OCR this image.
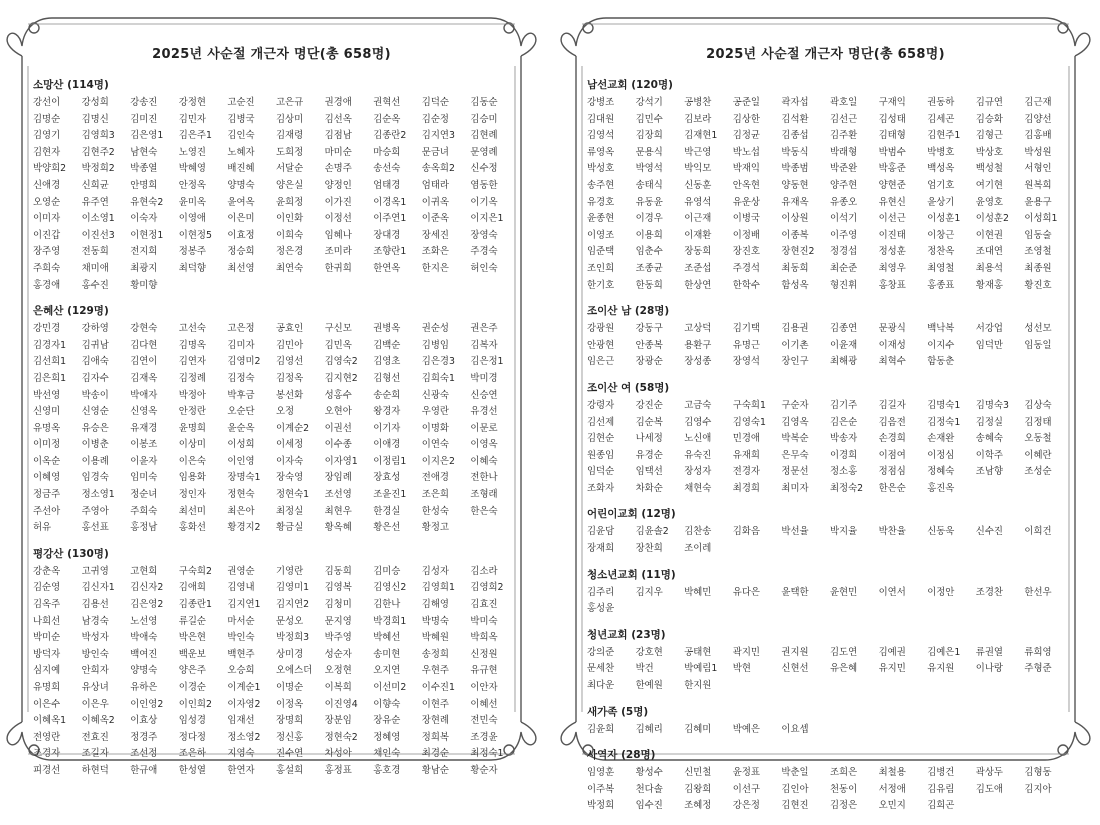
2025년 사순절 개근자 명단(총 658명)
소망산 (114명)
강선이	강성희	강송진	강정현	고순진	고은규	권경애	권혁선	김덕순	김동순
김명순	김명신	김미진	김민자	김병국	김상미	김선옥	김순옥	김순정	김승미
김영기	김영희3	김은영1	김은주1	김인숙	김재령	김점남	김종란2	김지연3	김현례
김현자	김현주2	남현숙	노영진	노혜자	도희정	마미순	마승희	문금녀	문영례
박양희2	박정희2	박종열	박혜영	배진혜	서달순	손명주	송선숙	송옥희2	신수정
신애경	신희균	안명희	안정옥	양명숙	양은실	양정인	엄태경	엄태라	염동한
오영순	유주연	유현숙2	윤미옥	윤여옥	윤희정	이가진	이경옥1	이귀옥	이기옥
이미자	이소영1	이숙자	이영애	이은미	이인화	이정선	이주연1	이준옥	이지은1
이진갑	이진선3	이현정1	이현정5	이효정	이희숙	임혜나	장대경	장세진	장영숙
장주영	전동희	전지희	정봉주	정승희	정은경	조미라	조향란1	조화은	주경숙
주희숙	채미애	최광지	최덕향	최선영	최연숙	한귀희	한연옥	한지은	허인숙
홍경애	홍수진	황미향
은혜산 (129명)
강민경	강하영	강현숙	고선숙	고은정	공효인	구신모	권병옥	권순성	권은주
김경자1	김귀남	김다현	김명옥	김미자	김민아	김민옥	김백순	김병임	김복자
김선희1	김애숙	김연이	김연자	김영미2	김영선	김영숙2	김영초	김은경3	김은정1
김은희1	김자수	김재옥	김정례	김정숙	김정옥	김지현2	김형선	김희숙1	박미경
박선영	박송이	박애자	박정아	박후금	봉선화	성홍수	송순희	신광숙	신승연
신영미	신영순	신영옥	안정란	오순단	오정	오현아	왕경자	우영란	유경선
유명옥	유승은	유재경	윤명희	윤순옥	이계순2	이권선	이기자	이명화	이문로
이미정	이병춘	이봉조	이상미	이성희	이세정	이수종	이애경	이연숙	이영옥
이옥순	이용례	이윤자	이은숙	이인영	이자숙	이자영1	이정림1	이지은2	이혜숙
이혜영	임경숙	임미숙	임용화	장명숙1	장숙영	장임례	장효성	전애경	전한나
정금주	정소영1	정순녀	정인자	정현숙	정현숙1	조선영	조윤진1	조은희	조형래
주선아	주영아	주희숙	최선미	최은아	최정실	최현우	한경실	한성숙	한은숙
허유	홍선표	홍정남	홍화선	황경지2	황금실	황옥혜	황은선	황정고
평강산 (130명)
강춘옥	고귀영	고현희	구숙희2	권영순	기영란	김동희	김미승	김성자	김소라
김순영	김신자1	김신자2	김애희	김영내	김영미1	김영복	김영신2	김영희1	김영희2
김옥주	김용선	김은영2	김종란1	김지연1	김지연2	김청미	김한나	김해영	김효진
나희선	남경숙	노선영	류길순	마서순	문성오	문지영	박경희1	박명숙	박미숙
박미순	박성자	박애숙	박은현	박인숙	박정희3	박주영	박혜선	박혜원	박희옥
방덕자	방인숙	백여진	백운보	백현주	상미경	성순자	송미현	송정희	신정원
심지예	안희자	양명숙	양은주	오승희	오에스더	오정현	오지연	우현주	유규현
유명희	유상녀	유하은	이경순	이계순1	이명순	이복희	이선미2	이수진1	이안자
이은수	이은우	이인영2	이인희2	이자영2	이정옥	이진영4	이향숙	이현주	이혜선
이혜옥1	이혜옥2	이효상	임성경	임재선	장명희	장분임	장유순	장현례	전민숙
전영란	전효진	정경주	정다정	정소영2	정신홍	정현숙2	정혜영	정희복	조경윤
조경자	조길자	조선정	조은하	지영숙	진수연	차성아	채인숙	최경순	최정숙1
피경선	하현덕	한규애	한성열	한연자	홍설희	홍정표	홍호경	황남순	황순자
2025년 사순절 개근자 명단(총 658명)
남선교회 (120명)
강병조	강석기	공병찬	공준일	곽자섭	곽호일	구재익	권동하	김규연	김근재
김대원	김민수	김보라	김상한	김석환	김선근	김성태	김세곤	김승화	김양선
김영석	김장희	김재현1	김정균	김종섭	김주환	김태형	김현주1	김형근	김홍배
류영옥	문용식	박근영	박노섭	박동식	박래형	박범수	박병호	박상호	박성원
박성호	박영석	박익모	박재익	박종범	박준완	박홍준	백성옥	백성철	서형인
송주현	송태식	신동훈	안옥현	양동현	양주현	양현준	엄기호	여기현	원복희
유경호	유동윤	유영석	유운상	유재옥	유종오	유현신	윤상기	윤영호	윤용구
윤종현	이경우	이근재	이병국	이상원	이석기	이선근	이성훈1	이성훈2	이성희1
이영조	이용희	이재환	이정배	이종복	이주영	이진태	이창근	이현권	임동술
임준택	임춘수	장동희	장진호	장현진2	정경섭	정성훈	정찬옥	조대연	조영철
조인희	조종균	조준섭	주경석	최동희	최순준	최영우	최영철	최용석	최종원
한기호	한동희	한상연	한학수	함성옥	형진휘	홍창표	홍종표	황재홍	황진호
조이산 남 (28명)
강광원	강동구	고상덕	김기택	김용권	김종연	문광식	백낙복	서강업	성선모
안광현	안종복	용환구	유명근	이기촌	이윤재	이재성	이지수	임덕만	임동일
임은근	장광순	장성종	장영석	장인구	최해광	최혁수	함동춘
조이산 여 (58명)
강령자	강진순	고금숙	구숙희1	구순자	김기주	김길자	김명숙1	김명숙3	김상숙
김선제	김순복	김영수	김영숙1	김영옥	김은순	김음전	김정숙1	김정실	김정태
김현순	나세정	노신애	민경애	박복순	박송자	손경희	손재완	송혜숙	오동철
원종임	유경순	유숙진	유재희	은무숙	이경희	이점여	이정심	이학주	이혜란
임덕순	임택선	장성자	전경자	정문선	정소홍	정점심	정혜숙	조남향	조성순
조화자	차화순	채현숙	최경희	최미자	최정숙2	한은순	홍진옥
어린이교회 (12명)
김윤담	김윤솔2	김찬송	김화음	박선율	박지율	박찬율	신동욱	신수진	이희건
장재희	장찬희	조이레
청소년교회 (11명)
김주리	김지우	박혜민	유다은	윤택한	윤현민	이연서	이정안	조경찬	한선우
홍성윤
청년교회 (23명)
강의준	강호현	공태현	곽지민	권지원	김도연	김예권	김예은1	류권열	류희영
문세찬	박건	박예림1	박현	신현선	유은혜	유지민	유지원	이나랑	주형준
최다운	한예원	한지원
새가족 (5명)
김윤희	김혜리	김혜미	박예은	이요셉
사역자 (28명)
임영훈	황성수	신민철	윤정표	박춘일	조희은	최철용	김병건	곽상두	김형동
이주복	천다솔	김왕희	이선구	김인아	천동이	서정애	김유림	김도애	김지아
박정희	임수진	조혜정	강은정	김현진	김정은	오민지	김희곤
